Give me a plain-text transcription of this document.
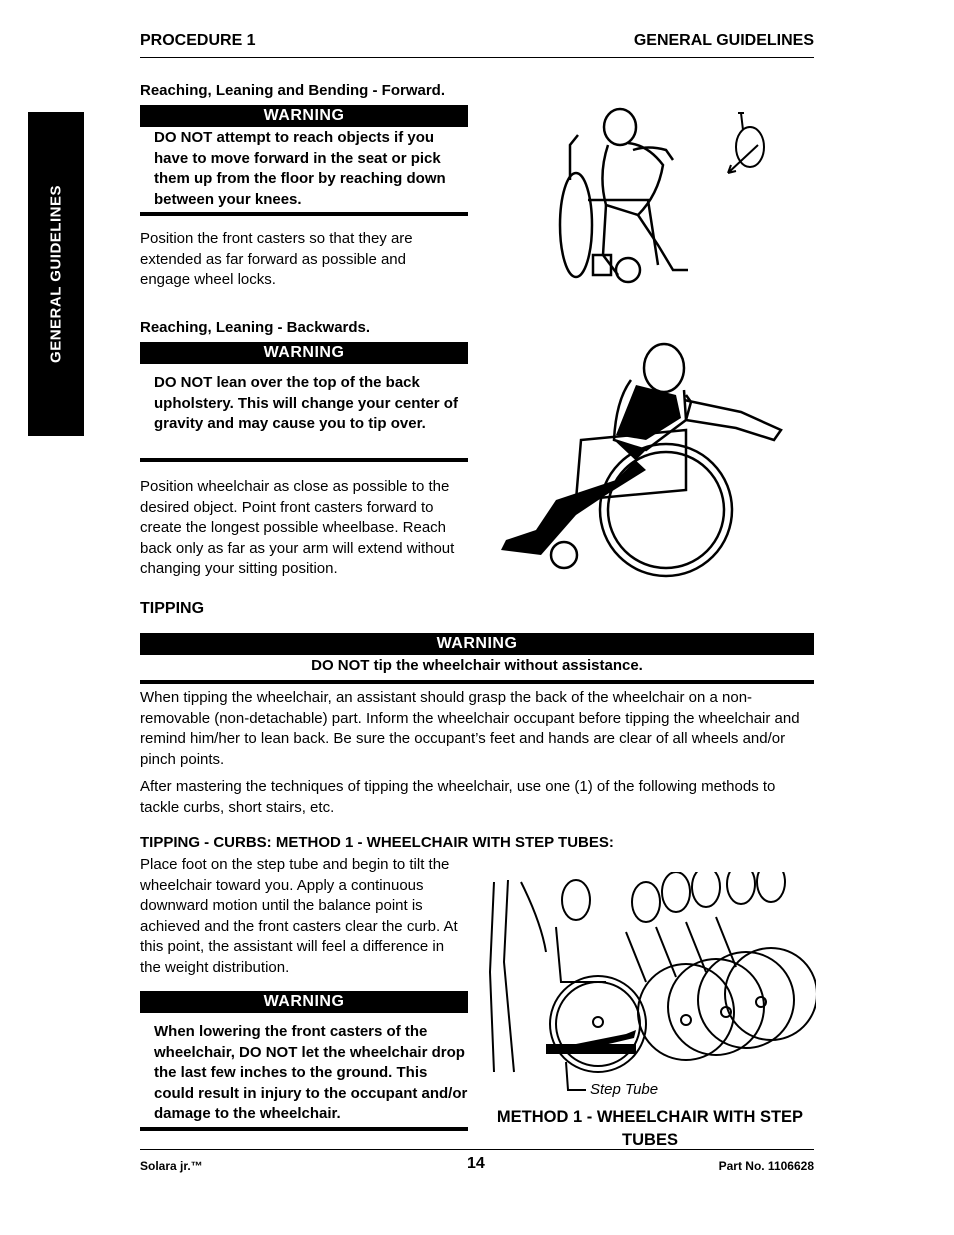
PROCEDURE 1	GENERAL GUIDELINES
GENERAL GUIDELINES
Reaching, Leaning and Bending - Forward.
WARNING
DO NOT attempt to reach objects if you have to move forward in the seat or pick them up from the floor by reaching down between your knees.
Position the front casters so that they are extended as far forward as possible and engage wheel locks.
Reaching, Leaning - Backwards.
WARNING
DO NOT lean over the top of the back upholstery. This will change your center of gravity and may cause you to tip over.
Position wheelchair as close as possible to the desired object. Point front casters forward to create the longest possible wheelbase. Reach back only as far as your arm will extend without changing your sitting position.
TIPPING
WARNING
DO NOT tip the wheelchair without assistance.
When tipping the wheelchair, an assistant should grasp the back of the wheelchair on a non-removable (non-detachable) part. Inform the wheelchair occupant before tipping the wheelchair and remind him/her to lean back. Be sure the occupant’s feet and hands are clear of all wheels and/or pinch points.
After mastering the techniques of tipping the wheelchair, use one (1) of the following methods to tackle curbs, short stairs, etc.
TIPPING - CURBS: METHOD 1 - WHEELCHAIR WITH STEP TUBES:
Place foot on the step tube and begin to tilt the wheelchair toward you. Apply a continuous downward motion until the balance point is achieved and the front casters clear the curb. At this point, the assistant will feel a difference in the weight distribution.
WARNING
When lowering the front casters of the wheelchair, DO NOT let the wheelchair drop the last few inches to the ground. This could result in injury to the occupant and/or damage to the wheelchair.
Step Tube
METHOD 1 - WHEELCHAIR WITH STEP TUBES
Solara jr.™	14	Part No. 1106628
